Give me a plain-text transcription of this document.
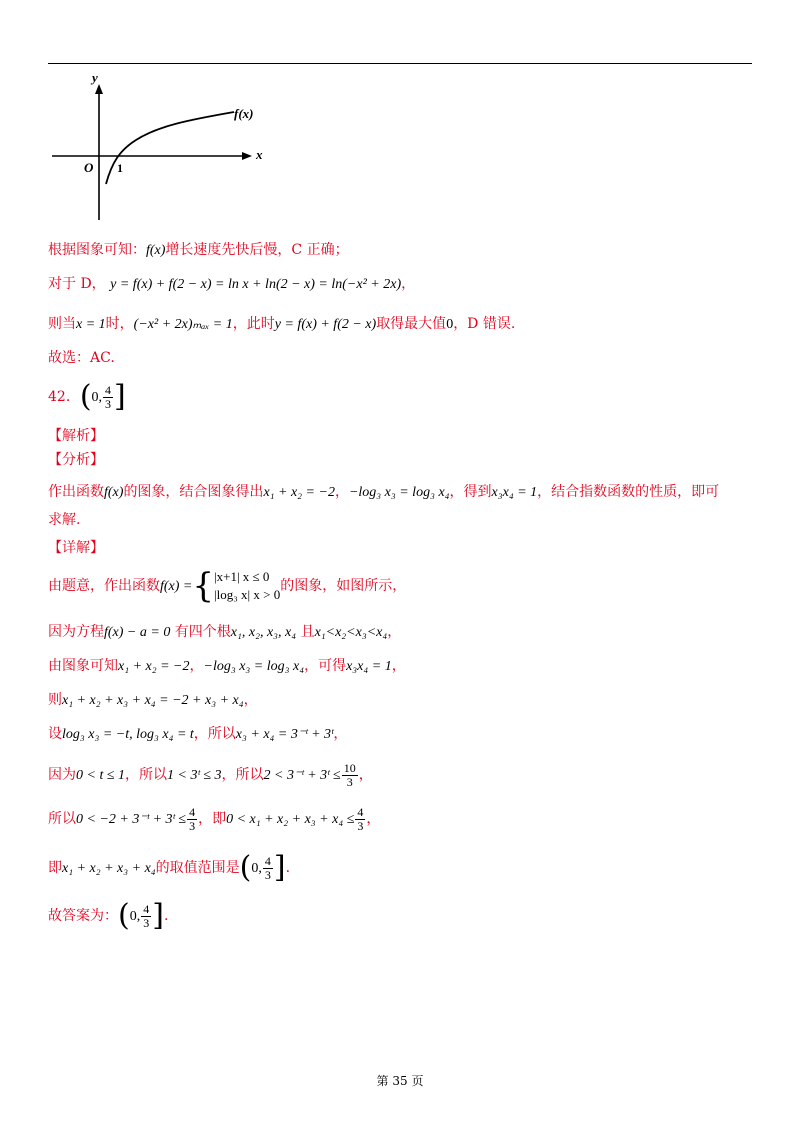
y
x
O 1
f(x)
根据图象可知：f(x)增长速度先快后慢，C 正确；
对于 D， y = f(x) + f(2 − x) = ln x + ln(2 − x) = ln(−x² + 2x)，
则当x = 1时，(−x² + 2x)ₘₐₓ = 1，此时y = f(x) + f(2 − x)取得最大值0，D 错误.
故选：AC.
42．(0, $\frac{4}{3}$ ]
【解析】
【分析】
作出函数f(x)的图象，结合图象得出x₁ + x₂ = −2，−log₃ x₃ = log₃ x₄，得到x₃x₄ = 1，结合指数函数的性质，即可
求解.
【详解】
由题意，作出函数f(x) ={ |x+1| x ≤ 0
|log₃ x| x > 0
的图象，如图所示，
因为方程f(x) − a = 0 有四个根x₁, x₂, x₃, x₄ 且x₁<x₂<x₃<x₄，
由图象可知x₁ + x₂ = −2，−log₃ x₃ = log₃ x₄，可得x₃x₄ = 1，
则x₁ + x₂ + x₃ + x₄ = −2 + x₃ + x₄，
设log₃ x₃ = −t, log₃ x₄ = t，所以x₃ + x₄ = 3⁻ᵗ + 3ᵗ，
因为0 < t ≤ 1，所以1 < 3ᵗ ≤ 3，所以2 < 3⁻ᵗ + 3ᵗ ≤ $\frac{10}{3}$ ，
所以0 < −2 + 3⁻ᵗ + 3ᵗ ≤ $\frac{4}{3}$ ，即$0 < x_1 + x_2 + x_3 + x_4 \le \frac{4}{3}$ ，
即x₁ + x₂ + x₃ + x₄的取值范围是(0, $\frac{4}{3}$ ].
故答案为：(0, $\frac{4}{3}$ ].
第 35 页
